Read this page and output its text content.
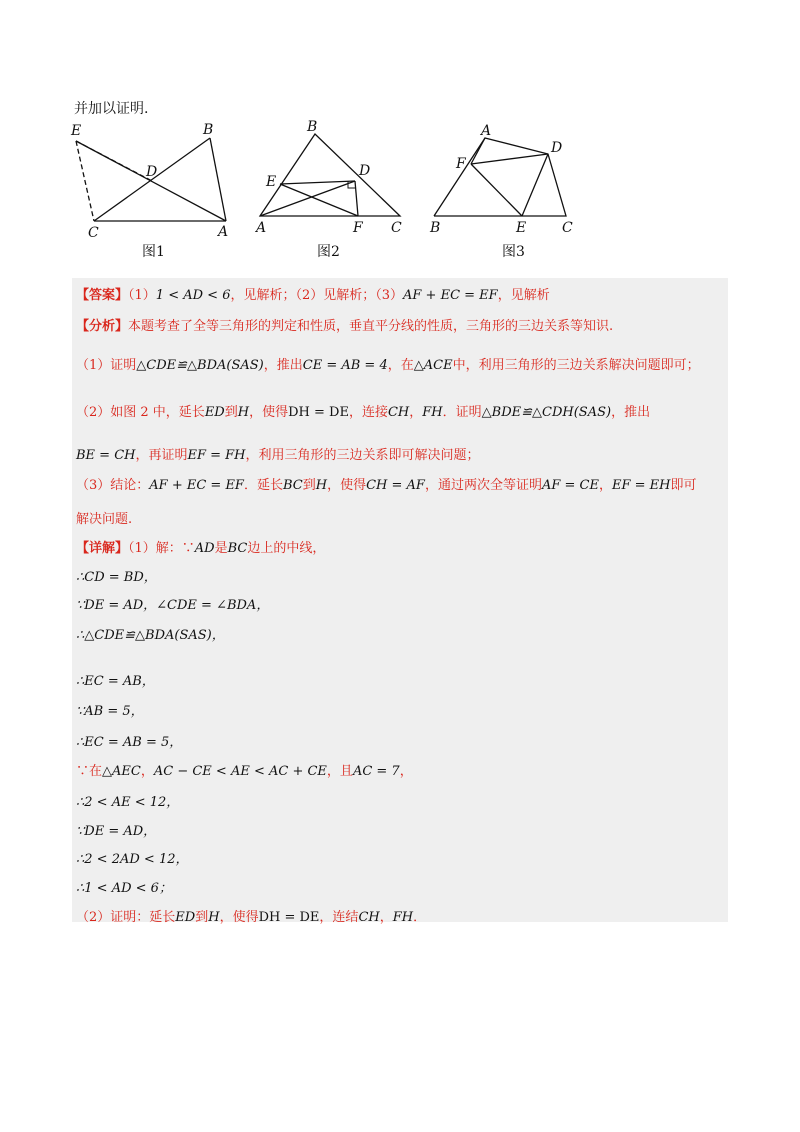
并加以证明.
E	B
D
C	A
图1
B
D
E
A	F C
图2
A
D
F
B	E	C
图3
【答案】（1）1 < AD < 6，见解析；（2）见解析；（3）AF + EC = EF，见解析
【分析】本题考查了全等三角形的判定和性质，垂直平分线的性质，三角形的三边关系等知识.
（1）证明△CDE≌△BDA(SAS)，推出CE = AB = 4，在△ACE中，利用三角形的三边关系解决问题即可；
（2）如图 2 中，延长ED到H，使得DH = DE，连接CH，FH．证明△BDE≌△CDH(SAS)，推出
BE = CH，再证明EF = FH，利用三角形的三边关系即可解决问题；
（3）结论：AF + EC = EF．延长BC到H，使得CH = AF，通过两次全等证明AF = CE，EF = EH即可
解决问题.
【详解】（1）解：∵AD是BC边上的中线，
∴CD = BD，
∵DE = AD，∠CDE = ∠BDA，
∴△CDE≌△BDA(SAS)，
∴EC = AB，
∵AB = 5，
∴EC = AB = 5，
∵在△AEC，AC − CE < AE < AC + CE，且AC = 7，
∴2 < AE < 12，
∵DE = AD，
∴2 < 2AD < 12，
∴1 < AD < 6；
（2）证明：延长ED到H，使得DH = DE，连结CH，FH．
